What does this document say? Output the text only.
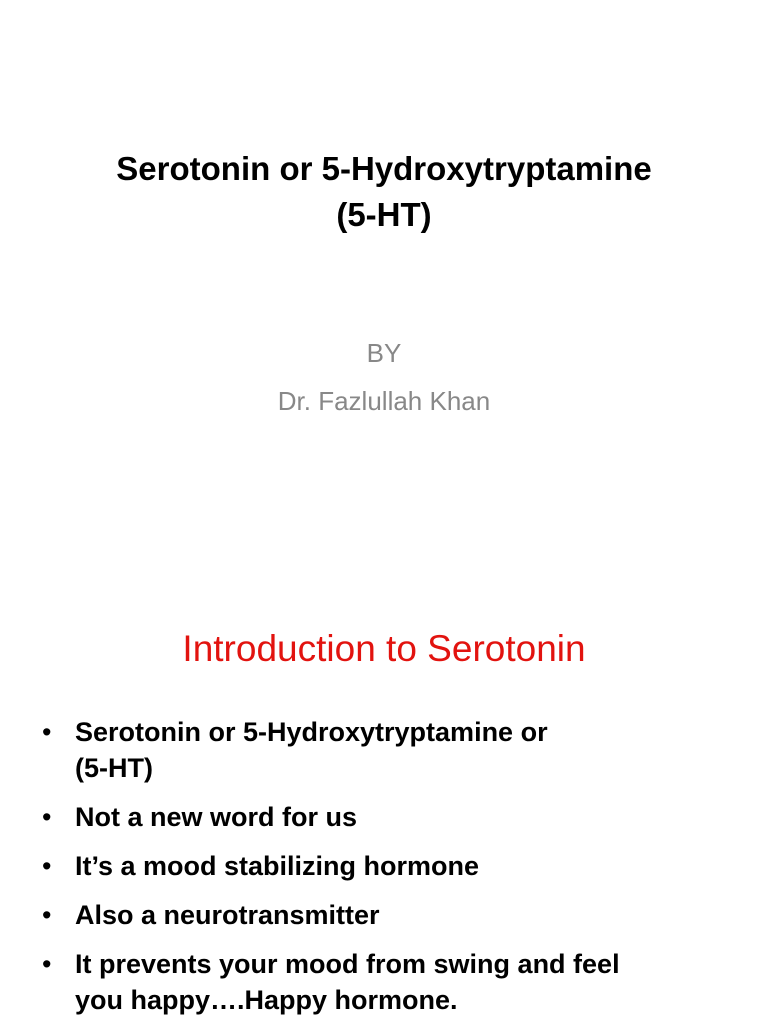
Serotonin or 5-Hydroxytryptamine
(5-HT)
BY
Dr. Fazlullah Khan
Introduction to Serotonin
• Serotonin or 5-Hydroxytryptamine or
(5-HT)
• Not a new word for us
• It’s a mood stabilizing hormone
• Also a neurotransmitter
• It prevents your mood from swing and feel
you happy….Happy hormone.
